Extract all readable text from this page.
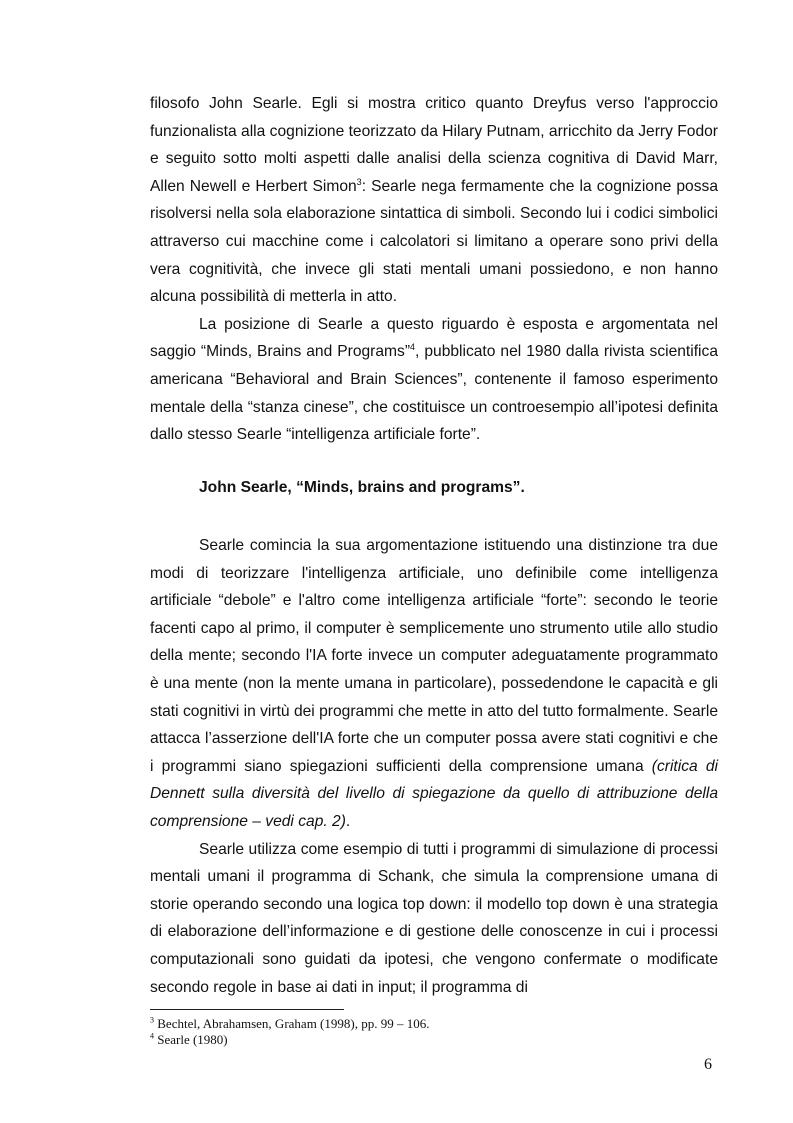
filosofo John Searle. Egli si mostra critico quanto Dreyfus verso l'approccio funzionalista alla cognizione teorizzato da Hilary Putnam, arricchito da Jerry Fodor e seguito sotto molti aspetti dalle analisi della scienza cognitiva di David Marr, Allen Newell e Herbert Simon$^3$: Searle nega fermamente che la cognizione possa risolversi nella sola elaborazione sintattica di simboli. Secondo lui i codici simbolici attraverso cui macchine come i calcolatori si limitano a operare sono privi della vera cognitività, che invece gli stati mentali umani possiedono, e non hanno alcuna possibilità di metterla in atto.

La posizione di Searle a questo riguardo è esposta e argomentata nel saggio “Minds, Brains and Programs”$^4$, pubblicato nel 1980 dalla rivista scientifica americana “Behavioral and Brain Sciences”, contenente il famoso esperimento mentale della “stanza cinese”, che costituisce un controesempio all’ipotesi definita dallo stesso Searle “intelligenza artificiale forte”.

John Searle, “Minds, brains and programs”.

Searle comincia la sua argomentazione istituendo una distinzione tra due modi di teorizzare l'intelligenza artificiale, uno definibile come intelligenza artificiale “debole” e l'altro come intelligenza artificiale “forte”: secondo le teorie facenti capo al primo, il computer è semplicemente uno strumento utile allo studio della mente; secondo l'IA forte invece un computer adeguatamente programmato è una mente (non la mente umana in particolare), possedendone le capacità e gli stati cognitivi in virtù dei programmi che mette in atto del tutto formalmente. Searle attacca l’asserzione dell'IA forte che un computer possa avere stati cognitivi e che i programmi siano spiegazioni sufficienti della comprensione umana (critica di Dennett sulla diversità del livello di spiegazione da quello di attribuzione della comprensione – vedi cap. 2).

Searle utilizza come esempio di tutti i programmi di simulazione di processi mentali umani il programma di Schank, che simula la comprensione umana di storie operando secondo una logica top down: il modello top down è una strategia di elaborazione dell’informazione e di gestione delle conoscenze in cui i processi computazionali sono guidati da ipotesi, che vengono confermate o modificate secondo regole in base ai dati in input; il programma di

$^3$ Bechtel, Abrahamsen, Graham (1998), pp. 99 – 106.
$^4$ Searle (1980)
6
